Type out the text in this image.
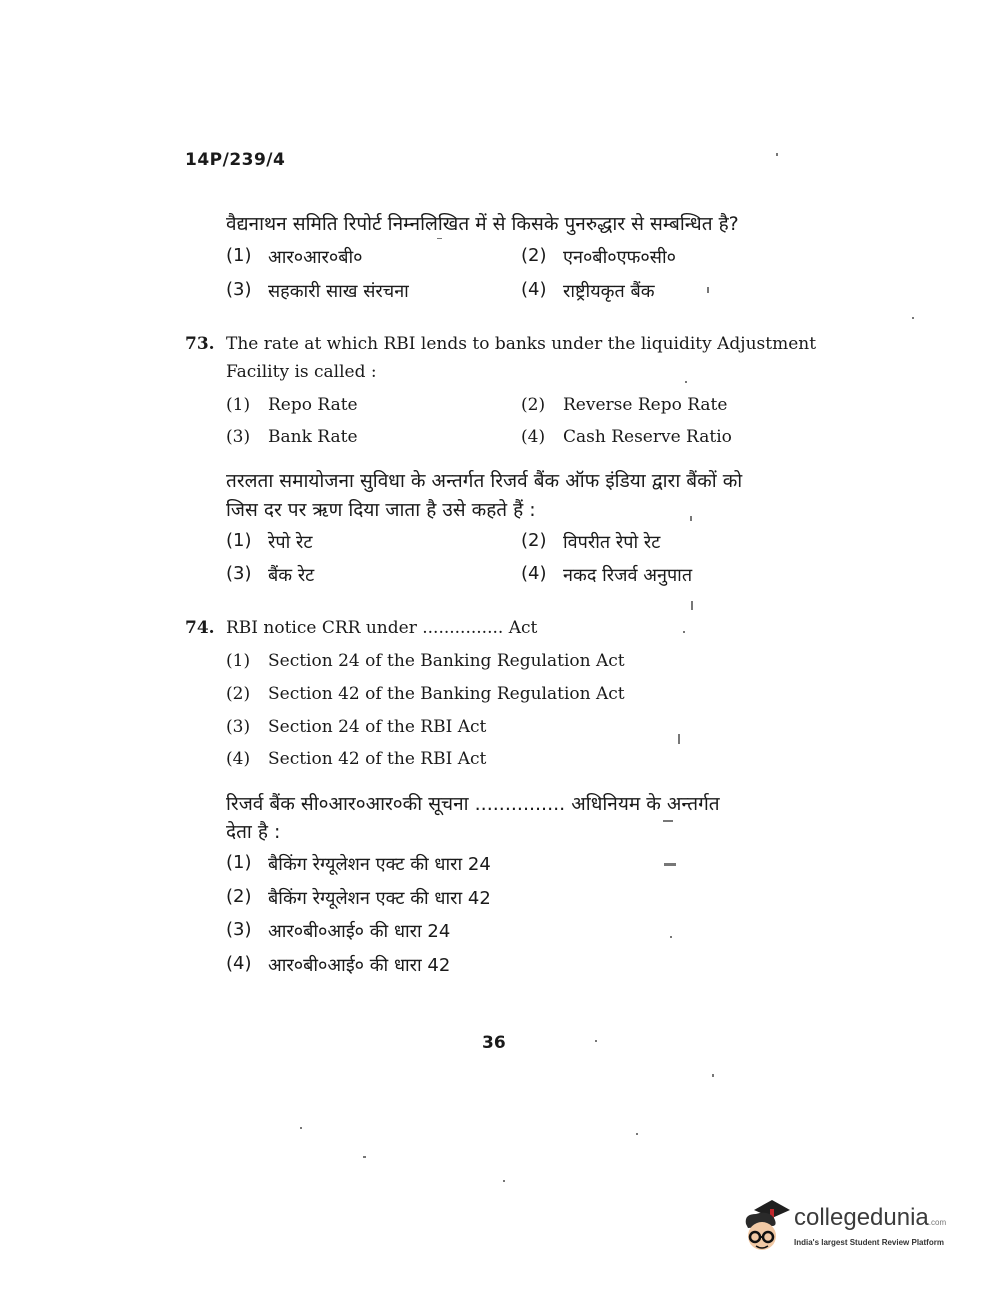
14P/239/4
वैद्यनाथन समिति रिपोर्ट निम्नलिखित में से किसके पुनरुद्धार से सम्बन्धित है?
(1) आर०आर०बी०	(2) एन०बी०एफ०सी०
(3) सहकारी साख संरचना	(4) राष्ट्रीयकृत बैंक
73. The rate at which RBI lends to banks under the liquidity Adjustment
Facility is called :
(1)	Repo Rate	(2)	Reverse Repo Rate
(3)	Bank Rate	(4)	Cash Reserve Ratio
तरलता समायोजना सुविधा के अन्तर्गत रिजर्व बैंक ऑफ इंडिया द्वारा बैंकों को
जिस दर पर ऋण दिया जाता है उसे कहते हैं :
(1) रेपो रेट	(2) विपरीत रेपो रेट
(3) बैंक रेट	(4) नकद रिजर्व अनुपात
74. RBI notice CRR under ............... Act
(1)	Section 24 of the Banking Regulation Act
(2)	Section 42 of the Banking Regulation Act
(3)	Section 24 of the RBI Act
(4)	Section 42 of the RBI Act
रिजर्व बैंक सी०आर०आर०की सूचना ............... अधिनियम के अन्तर्गत
देता है :
(1) बैकिंग रेग्यूलेशन एक्ट की धारा 24
(2) बैकिंग रेग्यूलेशन एक्ट की धारा 42
(3) आर०बी०आई० की धारा 24
(4) आर०बी०आई० की धारा 42
36
collegedunia.com
India's largest Student Review Platform
